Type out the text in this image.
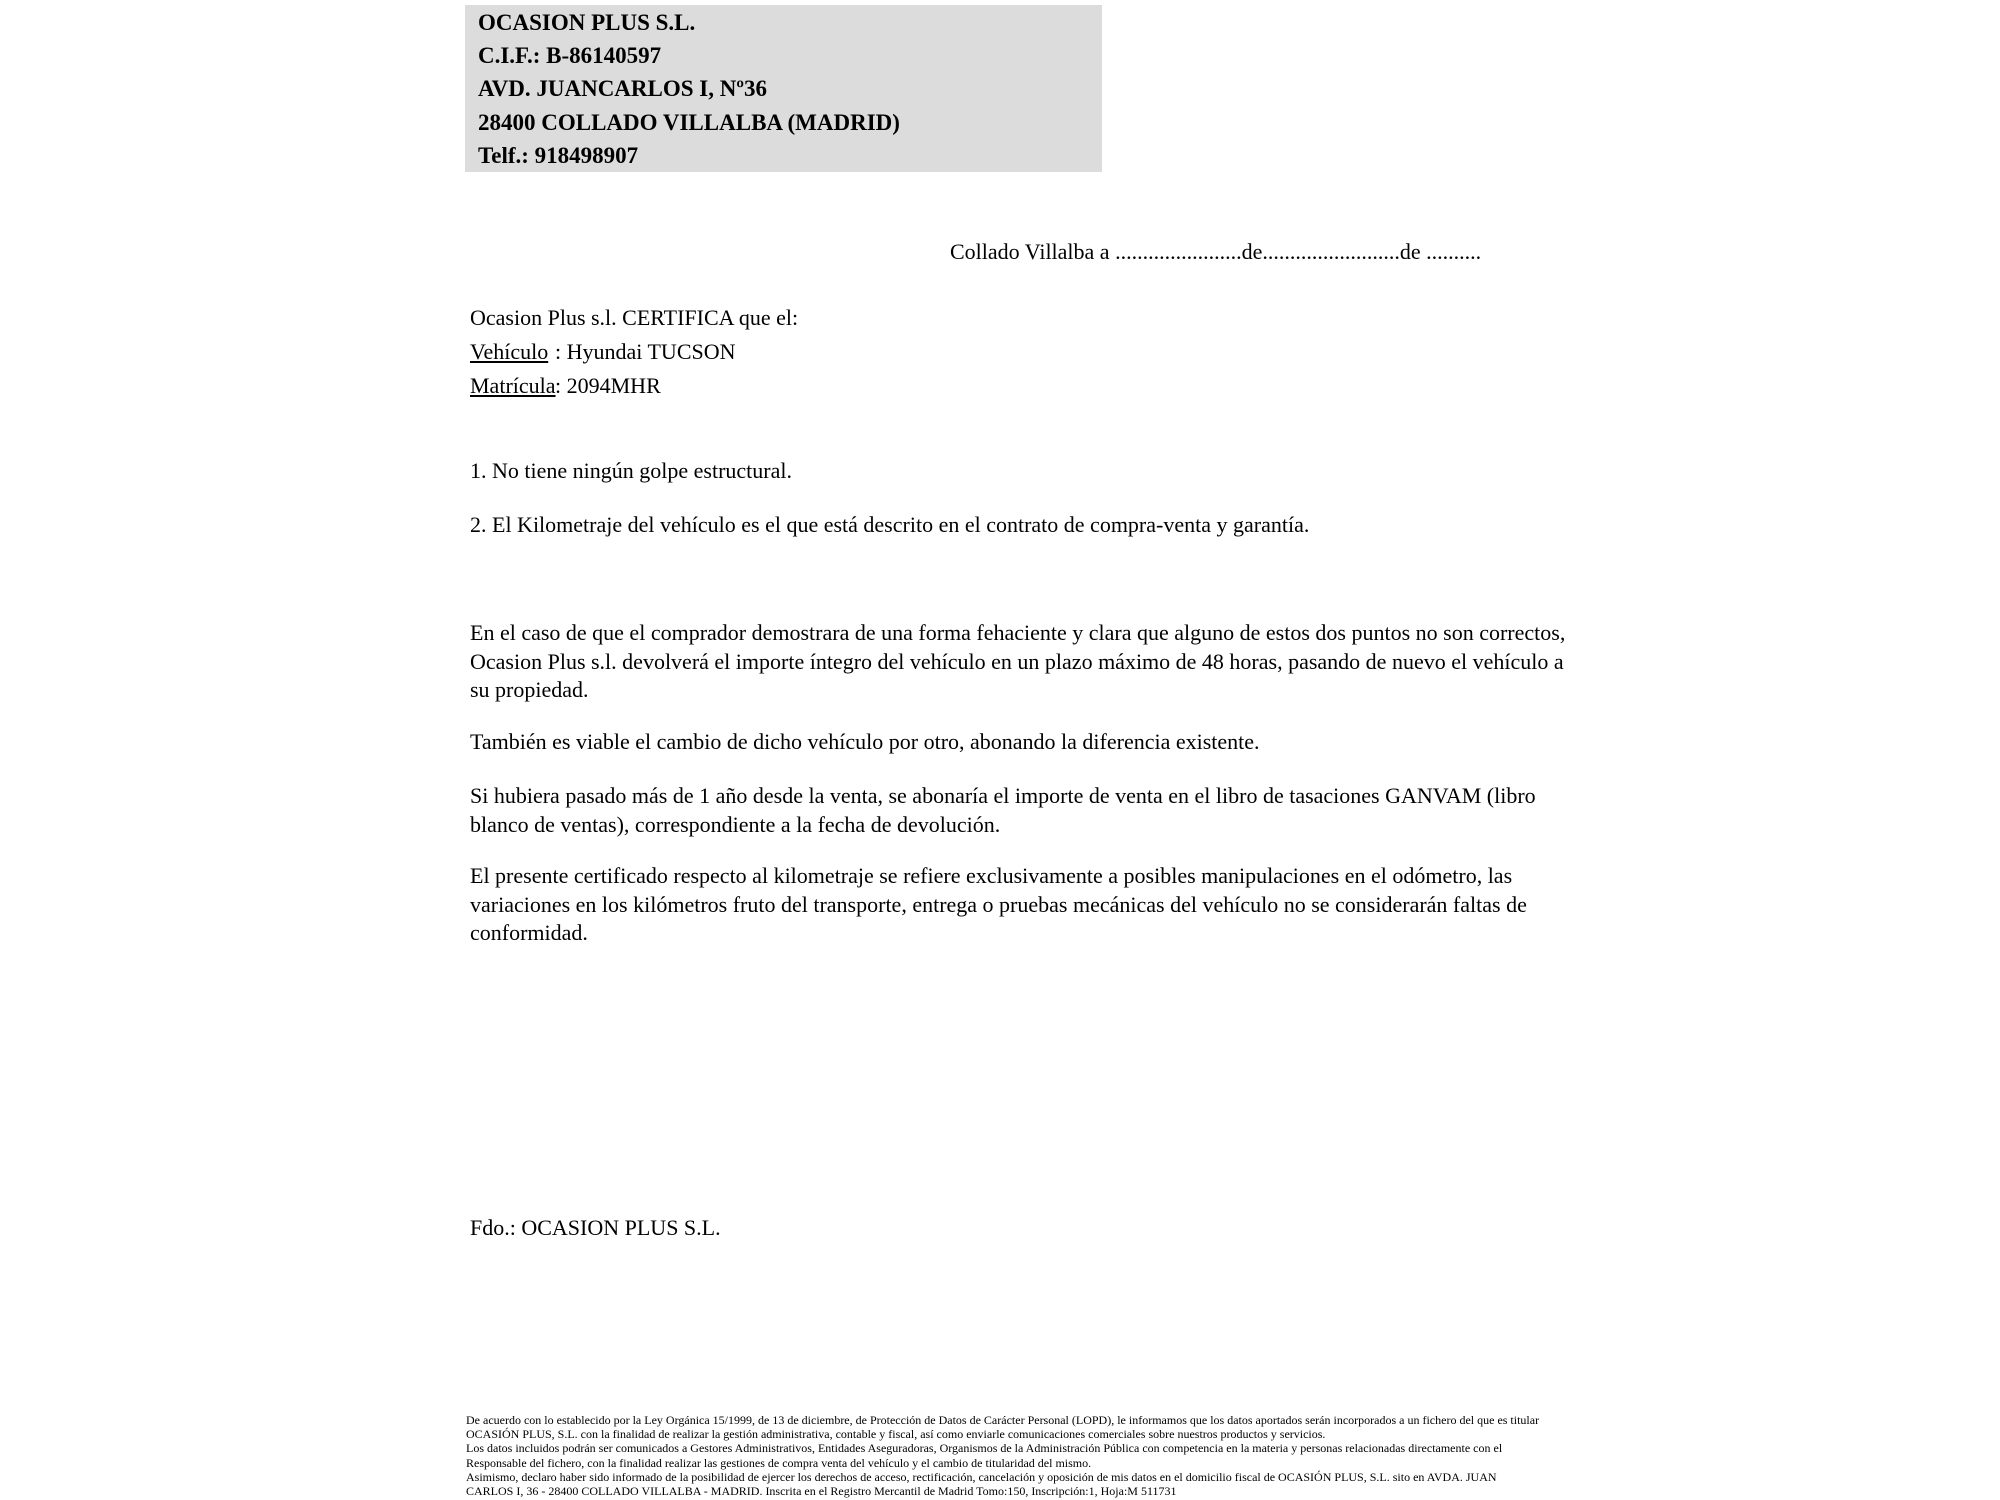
OCASION PLUS S.L.
C.I.F.: B-86140597
AVD. JUANCARLOS I, Nº36
28400 COLLADO VILLALBA (MADRID)
Telf.: 918498907
Collado Villalba a .......................de.........................de ..........
Ocasion Plus s.l. CERTIFICA que el:
Vehículo : Hyundai TUCSON
Matrícula: 2094MHR
1. No tiene ningún golpe estructural.
2. El Kilometraje del vehículo es el que está descrito en el contrato de compra-venta y garantía.
En el caso de que el comprador demostrara de una forma fehaciente y clara que alguno de estos dos puntos no son correctos, Ocasion Plus s.l. devolverá el importe íntegro del vehículo en un plazo máximo de 48 horas, pasando de nuevo el vehículo a su propiedad.
También es viable el cambio de dicho vehículo por otro, abonando la diferencia existente.
Si hubiera pasado más de 1 año desde la venta, se abonaría el importe de venta en el libro de tasaciones GANVAM (libro blanco de ventas), correspondiente a la fecha de devolución.
El presente certificado respecto al kilometraje se refiere exclusivamente a posibles manipulaciones en el odómetro, las variaciones en los kilómetros fruto del transporte, entrega o pruebas mecánicas del vehículo no se considerarán faltas de conformidad.
Fdo.: OCASION PLUS S.L.
De acuerdo con lo establecido por la Ley Orgánica 15/1999, de 13 de diciembre, de Protección de Datos de Carácter Personal (LOPD), le informamos que los datos aportados serán incorporados a un fichero del que es titular
OCASIÓN PLUS, S.L. con la finalidad de realizar la gestión administrativa, contable y fiscal, así como enviarle comunicaciones comerciales sobre nuestros productos y servicios.
Los datos incluidos podrán ser comunicados a Gestores Administrativos, Entidades Aseguradoras, Organismos de la Administración Pública con competencia en la materia y personas relacionadas directamente con el
Responsable del fichero, con la finalidad realizar las gestiones de compra venta del vehículo y el cambio de titularidad del mismo.
Asimismo, declaro haber sido informado de la posibilidad de ejercer los derechos de acceso, rectificación, cancelación y oposición de mis datos en el domicilio fiscal de OCASIÓN PLUS, S.L. sito en AVDA. JUAN
CARLOS I, 36 - 28400 COLLADO VILLALBA - MADRID. Inscrita en el Registro Mercantil de Madrid Tomo:150, Inscripción:1, Hoja:M 511731
